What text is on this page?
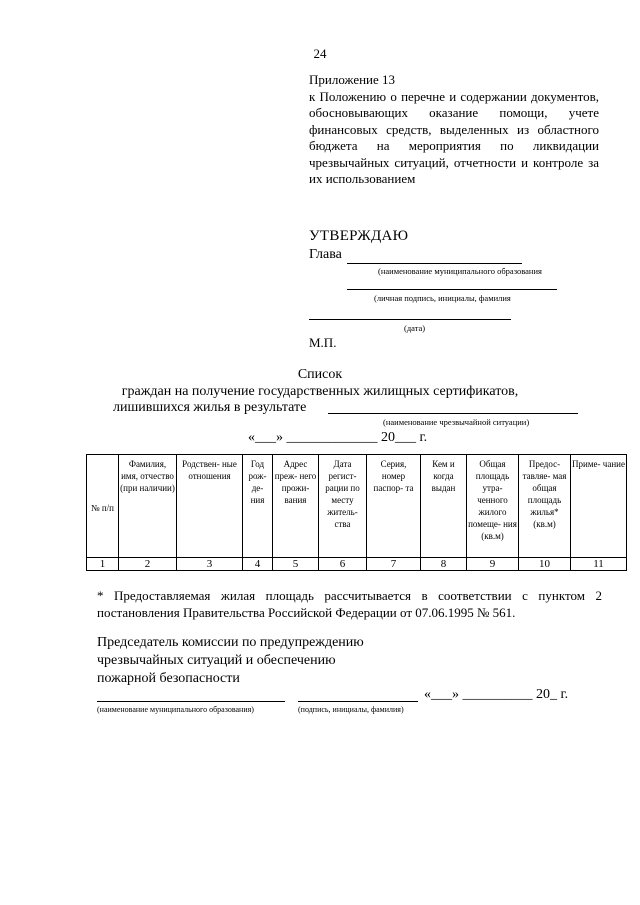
24
Приложение 13
к Положению о перечне и содержании документов, обосновывающих оказание помощи, учете финансовых средств, выделенных из областного бюджета на мероприятия по ликвидации чрезвычайных ситуаций, отчетности и контроле за их использованием
УТВЕРЖДАЮ
Глава
(наименование муниципального образования
(личная подпись, инициалы, фамилия
(дата)
М.П.
Список
граждан на получение государственных жилищных сертификатов,
лишившихся жилья в результате
(наименование чрезвычайной ситуации)
«___» _____________ 20___ г.
№ п/п	Фамилия, имя, отчество (при наличии)	Родствен- ные отношения	Год рож- де- ния	Адрес преж- него прожи- вания	Дата регист- рации по месту житель- ства	Серия, номер паспор- та	Кем и когда выдан	Общая площадь утра- ченного жилого помеще- ния (кв.м)	Предос- тавляе- мая общая площадь жилья* (кв.м)	Приме- чание
1	2	3	4	5	6	7	8	9	10	11
* Предоставляемая жилая площадь рассчитывается в соответствии с пунктом 2 постановления Правительства Российской Федерации от 07.06.1995 № 561.
Председатель комиссии по предупреждению
чрезвычайных ситуаций и обеспечению
пожарной безопасности
«___» __________ 20_ г.
(наименование муниципального образования)	(подпись, инициалы, фамилия)
